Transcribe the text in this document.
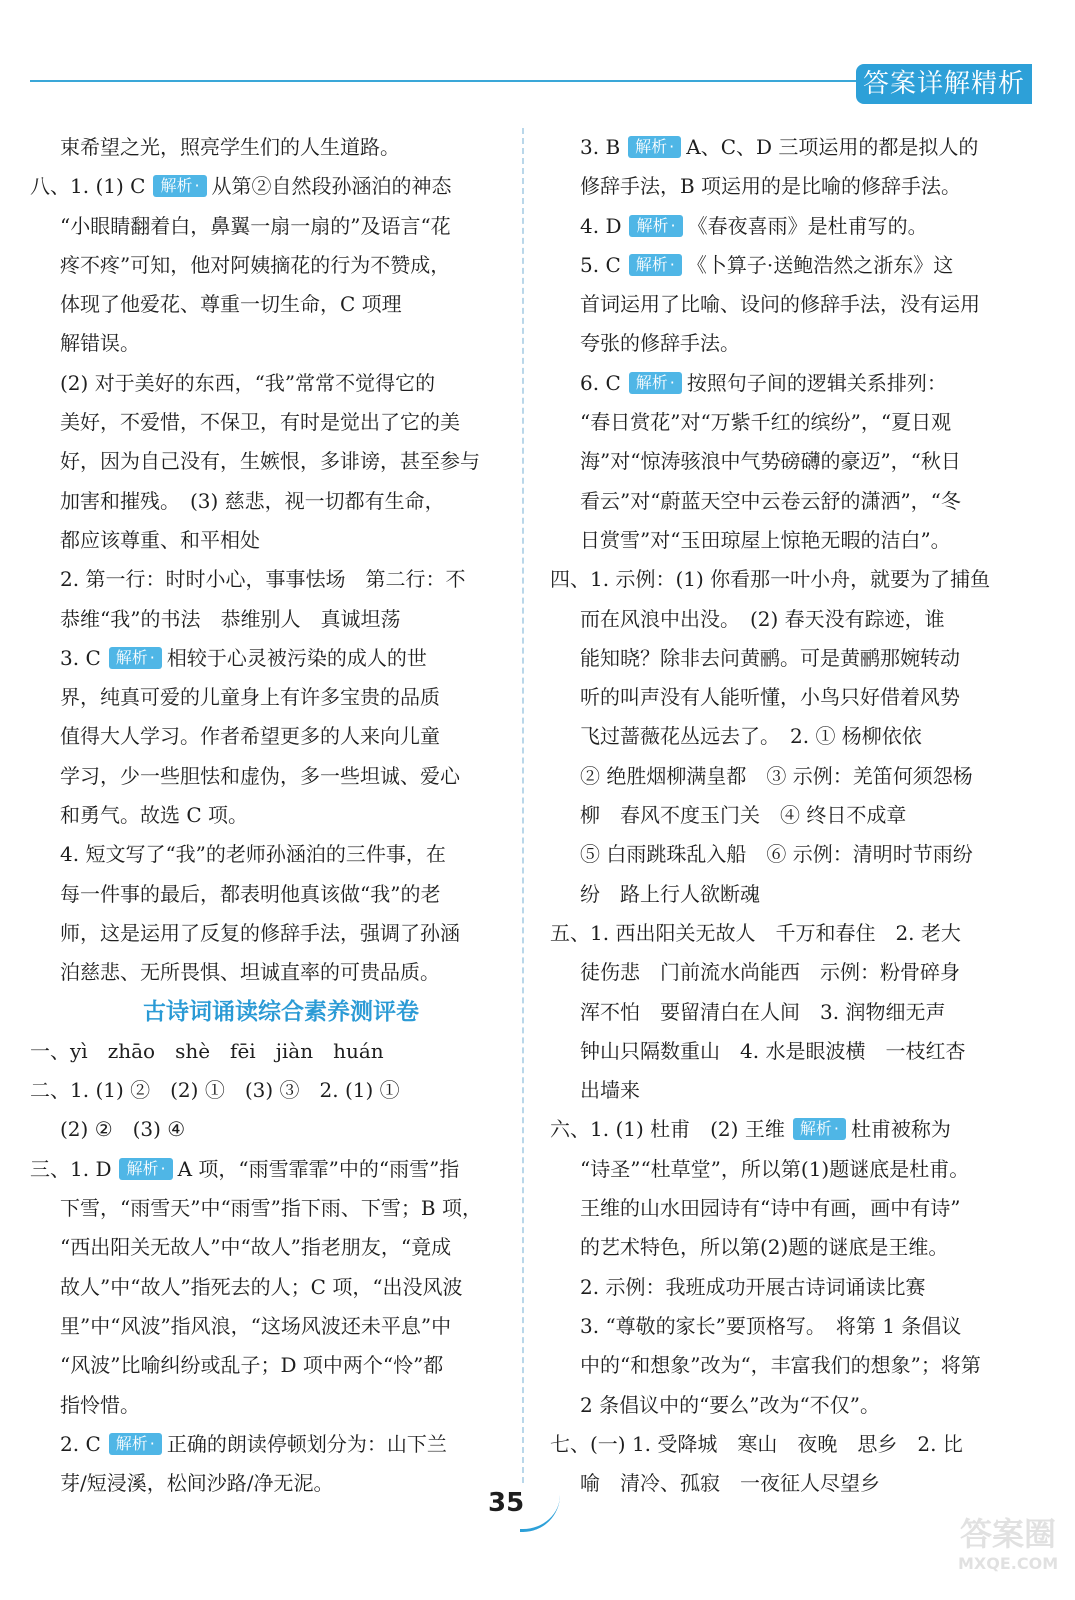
答案详解精析
束希望之光，照亮学生们的人生道路。
八、1. (1) C 解析 · 从第②自然段孙涵泊的神态
“小眼睛翻着白，鼻翼一扇一扇的”及语言“花
疼不疼”可知，他对阿姨摘花的行为不赞成，
体现了他爱花、尊重一切生命，C 项理
解错误。
(2) 对于美好的东西，“我”常常不觉得它的
美好，不爱惜，不保卫，有时是觉出了它的美
好，因为自己没有，生嫉恨，多诽谤，甚至参与
加害和摧残。　(3) 慈悲，视一切都有生命，
都应该尊重、和平相处
2. 第一行：时时小心，事事怯场　第二行：不
恭维“我”的书法　恭维别人　真诚坦荡
3. C 解析 · 相较于心灵被污染的成人的世
界，纯真可爱的儿童身上有许多宝贵的品质
值得大人学习。作者希望更多的人来向儿童
学习，少一些胆怯和虚伪，多一些坦诚、爱心
和勇气。故选 C 项。
4. 短文写了“我”的老师孙涵泊的三件事，在
每一件事的最后，都表明他真该做“我”的老
师，这是运用了反复的修辞手法，强调了孙涵
泊慈悲、无所畏惧、坦诚直率的可贵品质。
古诗词诵读综合素养测评卷
一、yì　zhāo　shè　fēi　jiàn　huán
二、1. (1) ②　(2) ①　(3) ③　2. (1) ①
(2) ②　(3) ④
三、1. D 解析 · A 项，“雨雪霏霏”中的“雨雪”指
下雪，“雨雪天”中“雨雪”指下雨、下雪；B 项，
“西出阳关无故人”中“故人”指老朋友，“竟成
故人”中“故人”指死去的人；C 项，“出没风波
里”中“风波”指风浪，“这场风波还未平息”中
“风波”比喻纠纷或乱子；D 项中两个“怜”都
指怜惜。
2. C 解析 · 正确的朗读停顿划分为：山下兰
芽/短浸溪，松间沙路/净无泥。
3. B 解析 · A、C、D 三项运用的都是拟人的
修辞手法，B 项运用的是比喻的修辞手法。
4. D 解析 · 《春夜喜雨》是杜甫写的。
5. C 解析 · 《卜算子·送鲍浩然之浙东》这
首词运用了比喻、设问的修辞手法，没有运用
夸张的修辞手法。
6. C 解析 · 按照句子间的逻辑关系排列：
“春日赏花”对“万紫千红的缤纷”，“夏日观
海”对“惊涛骇浪中气势磅礴的豪迈”，“秋日
看云”对“蔚蓝天空中云卷云舒的潇洒”，“冬
日赏雪”对“玉田琼屋上惊艳无暇的洁白”。
四、1. 示例：(1) 你看那一叶小舟，就要为了捕鱼
而在风浪中出没。　(2) 春天没有踪迹，谁
能知晓？除非去问黄鹂。可是黄鹂那婉转动
听的叫声没有人能听懂，小鸟只好借着风势
飞过蔷薇花丛远去了。　2. ① 杨柳依依
② 绝胜烟柳满皇都　③ 示例：羌笛何须怨杨
柳　春风不度玉门关　④ 终日不成章
⑤ 白雨跳珠乱入船　⑥ 示例：清明时节雨纷
纷　路上行人欲断魂
五、1. 西出阳关无故人　千万和春住　2. 老大
徒伤悲　门前流水尚能西　示例：粉骨碎身
浑不怕　要留清白在人间　3. 润物细无声
钟山只隔数重山　4. 水是眼波横　一枝红杏
出墙来
六、1. (1) 杜甫　(2) 王维 解析 · 杜甫被称为
“诗圣”“杜草堂”，所以第(1)题谜底是杜甫。
王维的山水田园诗有“诗中有画，画中有诗”
的艺术特色，所以第(2)题的谜底是王维。
2. 示例：我班成功开展古诗词诵读比赛
3. “尊敬的家长”要顶格写。　将第 1 条倡议
中的“和想象”改为“，丰富我们的想象”；将第
2 条倡议中的“要么”改为“不仅”。
七、(一) 1. 受降城　寒山　夜晚　思乡　2. 比
喻　清冷、孤寂　一夜征人尽望乡
35
答案圈
MXQE.COM
